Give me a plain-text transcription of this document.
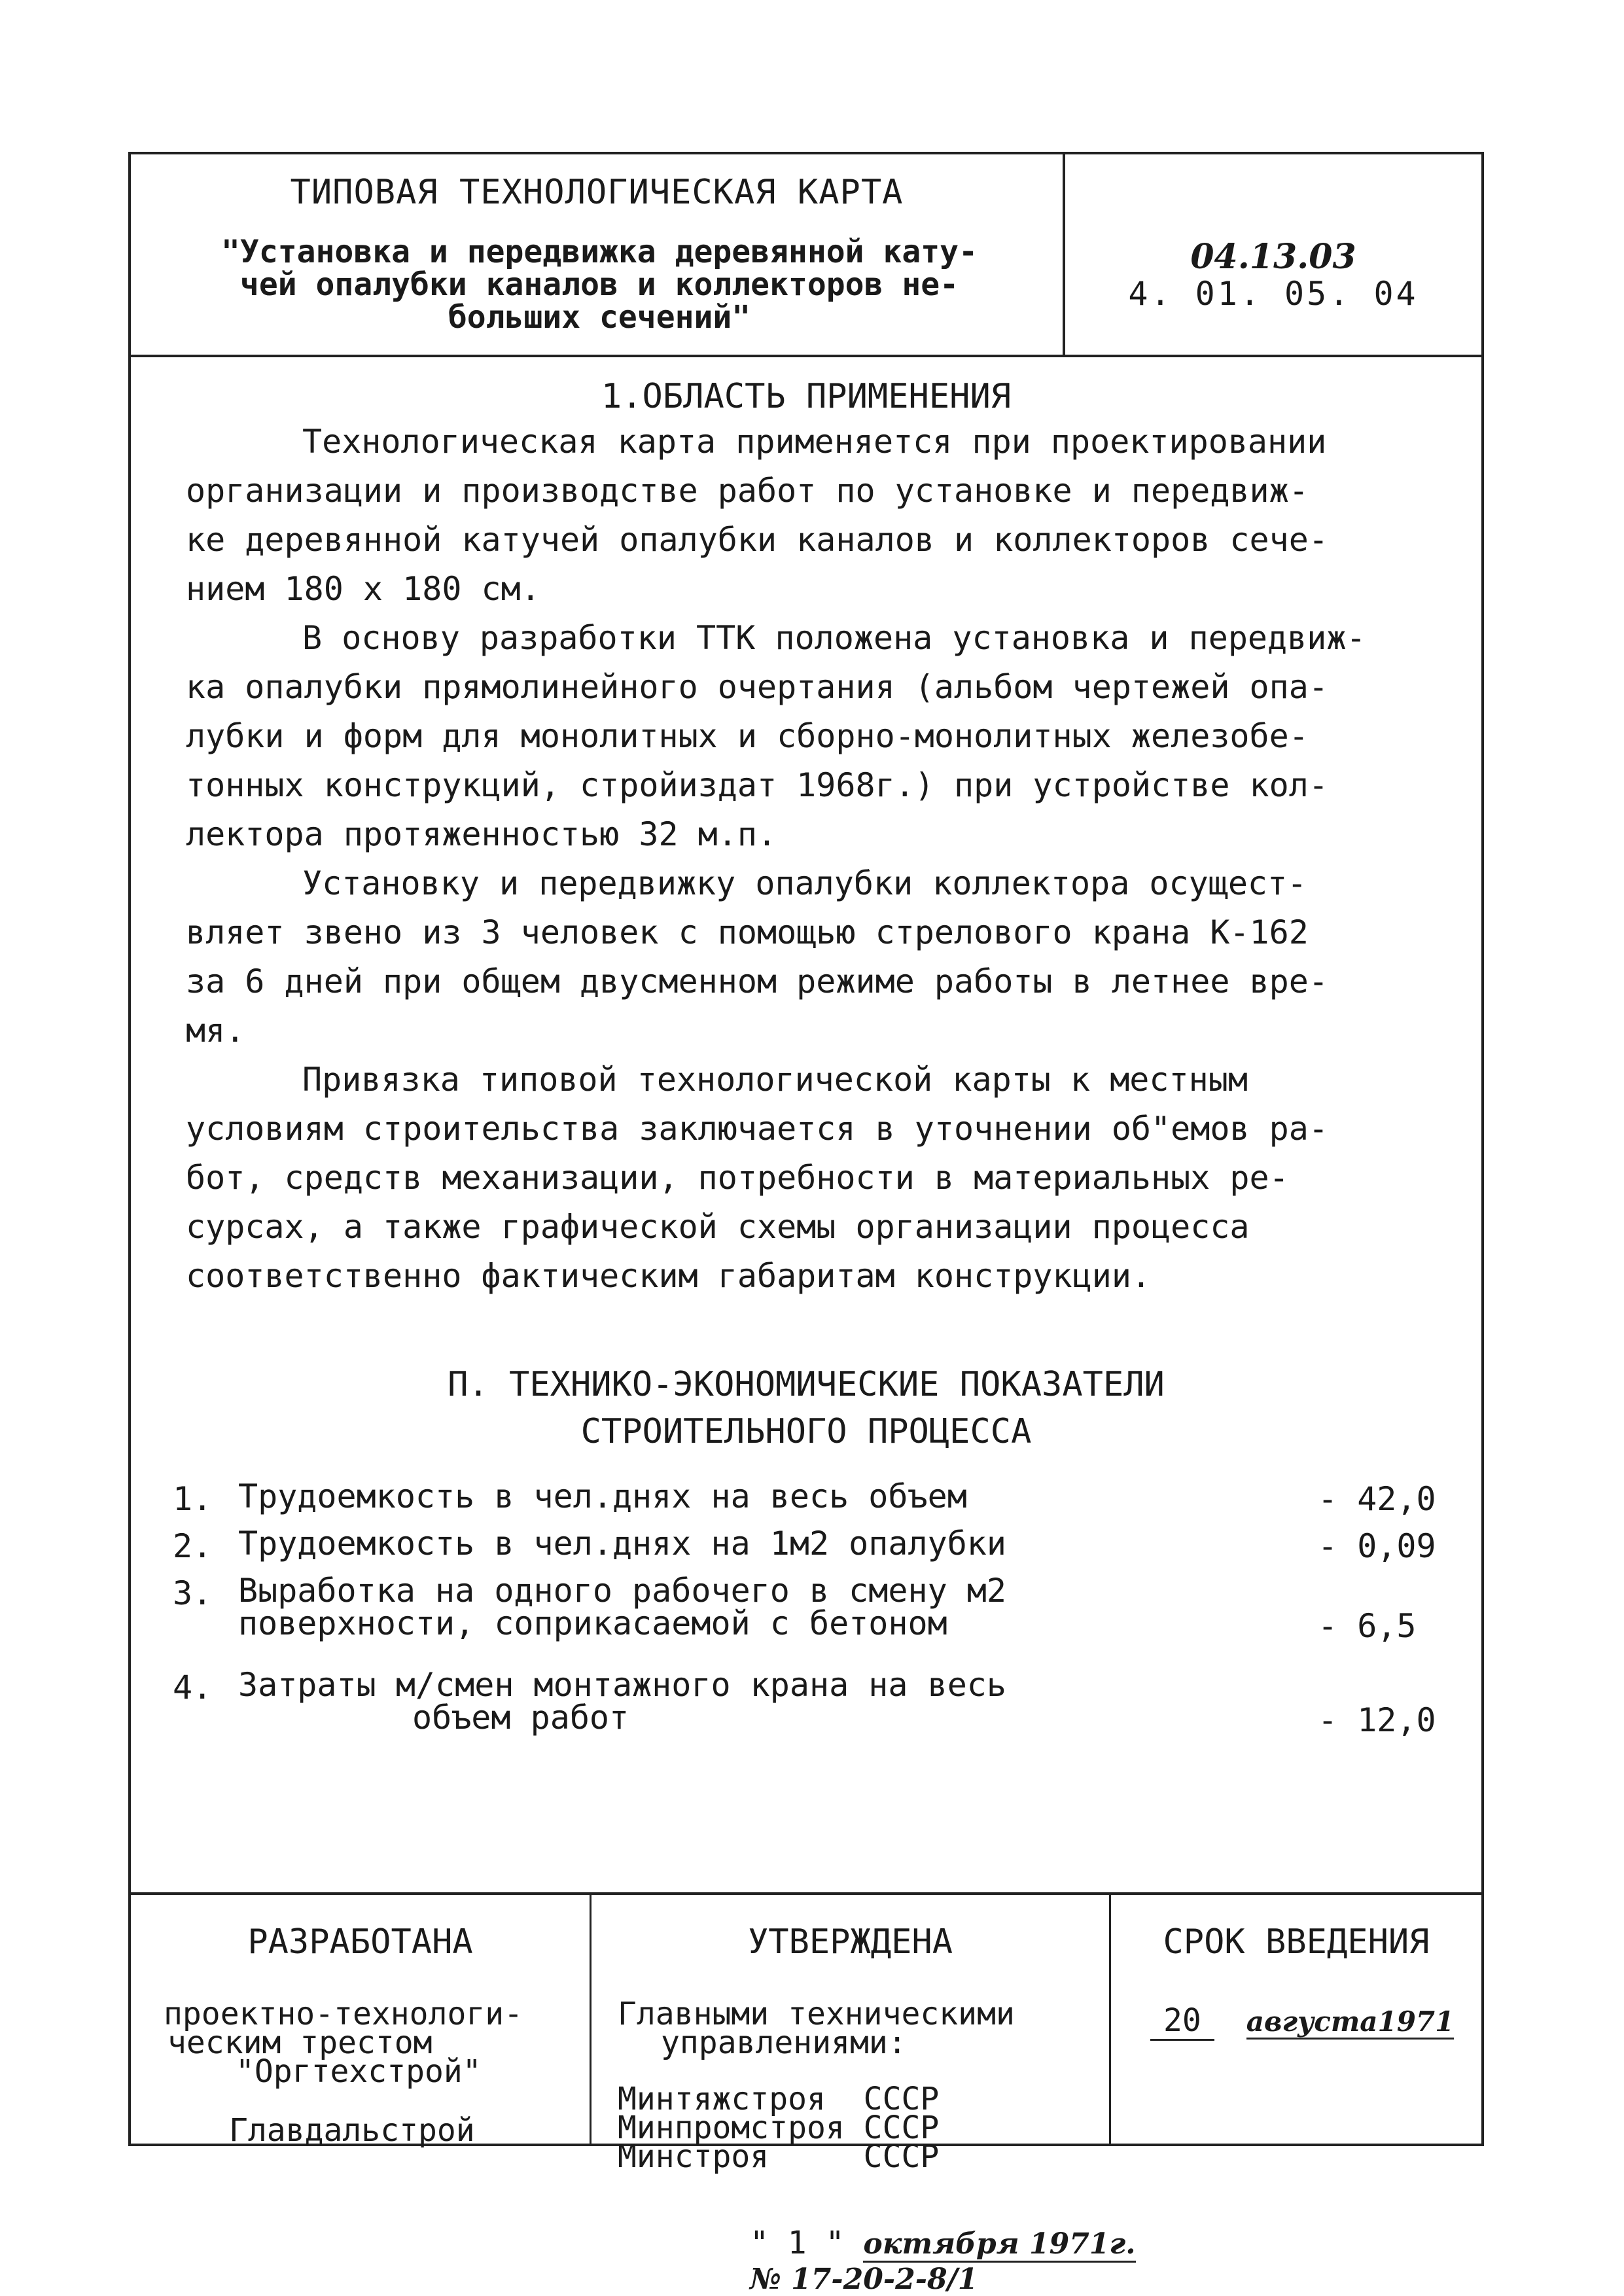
ТИПОВАЯ ТЕХНОЛОГИЧЕСКАЯ КАРТА
"Установка и передвижка деревянной кату-
чей опалубки каналов и коллекторов не-
больших сечений"
04.13.03
4. 01. 05. 04
1.ОБЛАСТЬ ПРИМЕНЕНИЯ
Технологическая карта применяется при проектировании
организации и производстве работ по установке и передвиж-
ке деревянной катучей опалубки каналов и коллекторов сече-
нием 180 х 180 см.
В основу разработки ТТК положена установка и передвиж-
ка опалубки прямолинейного очертания (альбом чертежей опа-
лубки и форм для монолитных и сборно-монолитных железобе-
тонных конструкций, стройиздат 1968г.) при устройстве кол-
лектора протяженностью 32 м.п.
Установку и передвижку опалубки коллектора осущест-
вляет звено из 3 человек с помощью стрелового крана К-162
за 6 дней при общем двусменном режиме работы в летнее вре-
мя.
Привязка типовой технологической карты к местным
условиям строительства заключается в уточнении об"емов ра-
бот, средств механизации, потребности в материальных ре-
сурсах, а также графической схемы организации процесса
соответственно фактическим габаритам конструкции.
П. ТЕХНИКО-ЭКОНОМИЧЕСКИЕ ПОКАЗАТЕЛИ
СТРОИТЕЛЬНОГО ПРОЦЕССА
1. Трудоемкость в чел.днях на весь объем	- 42,0
2. Трудоемкость в чел.днях на 1м2 опалубки	- 0,09
3. Выработка на одного рабочего в смену м2
поверхности, соприкасаемой с бетоном	- 6,5
4. Затраты м/смен монтажного крана на весь
объем работ	- 12,0
РАЗРАБОТАНА
проектно-технологи-
ческим трестом
"Оргтехстрой"
Главдальстрой
УТВЕРЖДЕНА
Главными техническими
управлениями:
Минтяжстроя  СССР
Минпромстроя СССР
Минстроя     СССР
СРОК ВВЕДЕНИЯ
20 августа1971
" 1 " октября 1971г.
№ 17-20-2-8/1
